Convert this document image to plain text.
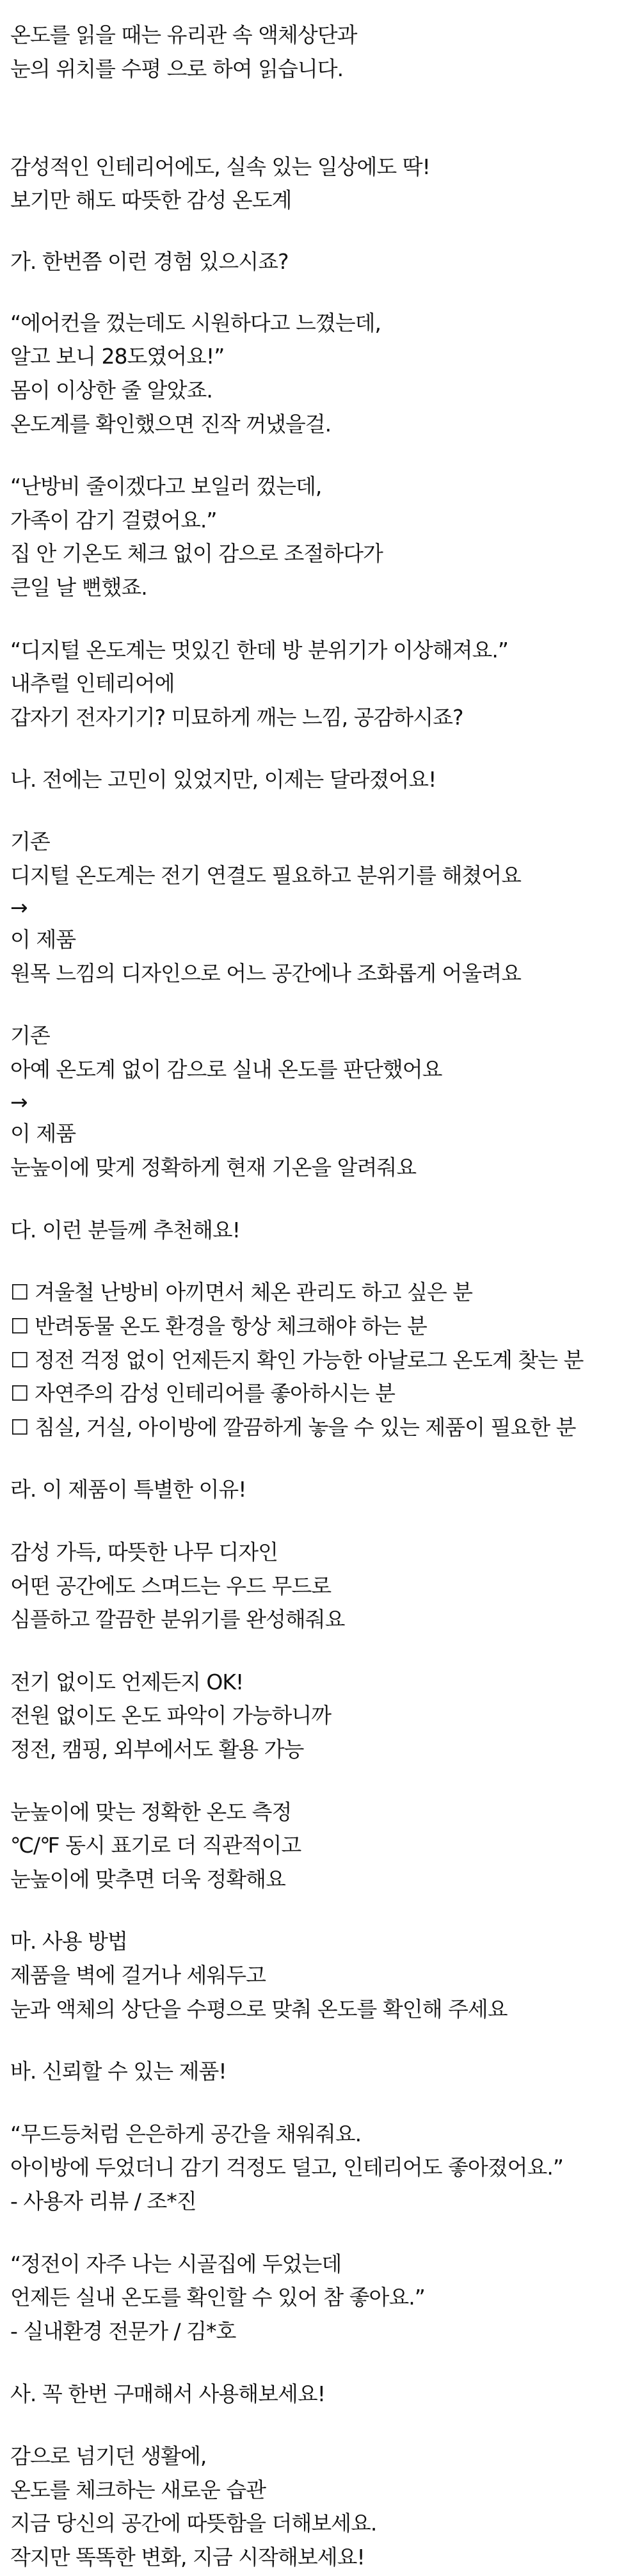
온도를 읽을 때는 유리관 속 액체상단과

눈의 위치를 수평 으로 하여 읽습니다.

감성적인 인테리어에도, 실속 있는 일상에도 딱!

보기만 해도 따뜻한 감성 온도계

가. 한번쯤 이런 경험 있으시죠?

“에어컨을 껐는데도 시원하다고 느꼈는데,

알고 보니 28도였어요!”

몸이 이상한 줄 알았죠.

온도계를 확인했으면 진작 꺼냈을걸.

“난방비 줄이겠다고 보일러 껐는데,

가족이 감기 걸렸어요.”

집 안 기온도 체크 없이 감으로 조절하다가

큰일 날 뻔했죠.

“디지털 온도계는 멋있긴 한데 방 분위기가 이상해져요.”

내추럴 인테리어에

갑자기 전자기기? 미묘하게 깨는 느낌, 공감하시죠?

나. 전에는 고민이 있었지만, 이제는 달라졌어요!

기존

디지털 온도계는 전기 연결도 필요하고 분위기를 해쳤어요

→

이 제품

원목 느낌의 디자인으로 어느 공간에나 조화롭게 어울려요

기존

아예 온도계 없이 감으로 실내 온도를 판단했어요

→

이 제품

눈높이에 맞게 정확하게 현재 기온을 알려줘요

다. 이런 분들께 추천해요!

☐ 겨울철 난방비 아끼면서 체온 관리도 하고 싶은 분

☐ 반려동물 온도 환경을 항상 체크해야 하는 분

☐ 정전 걱정 없이 언제든지 확인 가능한 아날로그 온도계 찾는 분

☐ 자연주의 감성 인테리어를 좋아하시는 분

☐ 침실, 거실, 아이방에 깔끔하게 놓을 수 있는 제품이 필요한 분

라. 이 제품이 특별한 이유!

감성 가득, 따뜻한 나무 디자인

어떤 공간에도 스며드는 우드 무드로

심플하고 깔끔한 분위기를 완성해줘요

전기 없이도 언제든지 OK!

전원 없이도 온도 파악이 가능하니까

정전, 캠핑, 외부에서도 활용 가능

눈높이에 맞는 정확한 온도 측정

℃/℉ 동시 표기로 더 직관적이고

눈높이에 맞추면 더욱 정확해요

마. 사용 방법

제품을 벽에 걸거나 세워두고

눈과 액체의 상단을 수평으로 맞춰 온도를 확인해 주세요

바. 신뢰할 수 있는 제품!

“무드등처럼 은은하게 공간을 채워줘요.

아이방에 두었더니 감기 걱정도 덜고, 인테리어도 좋아졌어요.”

- 사용자 리뷰 / 조*진

“정전이 자주 나는 시골집에 두었는데

언제든 실내 온도를 확인할 수 있어 참 좋아요.”

- 실내환경 전문가 / 김*호

사. 꼭 한번 구매해서 사용해보세요!

감으로 넘기던 생활에,

온도를 체크하는 새로운 습관

지금 당신의 공간에 따뜻함을 더해보세요.

작지만 똑똑한 변화, 지금 시작해보세요!
